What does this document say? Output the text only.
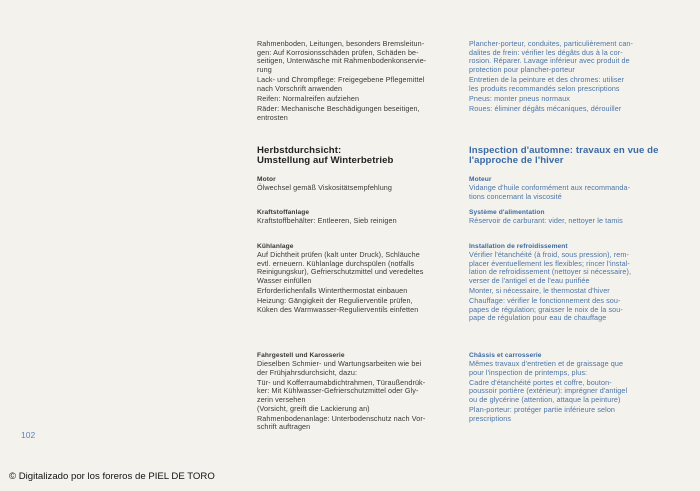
Rahmenboden, Leitungen, besonders Bremsleitun-
gen: Auf Korrosionsschäden prüfen, Schäden be-
seitigen, Unterwäsche mit Rahmenbodenkonservie-
rung
Lack- und Chrompflege: Freigegebene Pflegemittel
nach Vorschrift anwenden
Reifen: Normalreifen aufziehen
Räder: Mechanische Beschädigungen beseitigen,
entrosten
Herbstdurchsicht:
Umstellung auf Winterbetrieb
Motor
Ölwechsel gemäß Viskositätsempfehlung
Kraftstoffanlage
Kraftstoffbehälter: Entleeren, Sieb reinigen
Kühlanlage
Auf Dichtheit prüfen (kalt unter Druck), Schläuche
evtl. erneuern. Kühlanlage durchspülen (notfalls
Reinigungskur), Gefrierschutzmittel und veredeltes
Wasser einfüllen
Erforderlichenfalls Winterthermostat einbauen
Heizung: Gängigkeit der Regulierventile prüfen,
Küken des Warmwasser-Regulierventils einfetten
Fahrgestell und Karosserie
Dieselben Schmier- und Wartungsarbeiten wie bei
der Frühjahrsdurchsicht, dazu:
Tür- und Kofferraumabdichtrahmen, Türaußendrük-
ker: Mit Kühlwasser-Gefrierschutzmittel oder Gly-
zerin versehen
(Vorsicht, greift die Lackierung an)
Rahmenbodenanlage: Unterbodenschutz nach Vor-
schrift auftragen
Plancher-porteur, conduites, particulièrement can-
dalites de frein: vérifier les dégâts dus à la cor-
rosion. Réparer. Lavage inférieur avec produit de
protection pour plancher-porteur
Entretien de la peinture et des chromes: utiliser
les produits recommandés selon prescriptions
Pneus: monter pneus normaux
Roues: éliminer dégâts mécaniques, dérouiller
Inspection d'automne: travaux en vue de
l'approche de l'hiver
Moteur
Vidange d'huile conformément aux recommanda-
tions concernant la viscosité
Système d'alimentation
Réservoir de carburant: vider, nettoyer le tamis
Installation de refroidissement
Vérifier l'étanchéité (à froid, sous pression), rem-
placer éventuellement les flexibles; rincer l'instal-
lation de refroidissement (nettoyer si nécessaire),
verser de l'antigel et de l'eau purifiée
Monter, si nécessaire, le thermostat d'hiver
Chauffage: vérifier le fonctionnement des sou-
papes de régulation; graisser le noix de la sou-
pape de régulation pour eau de chauffage
Châssis et carrosserie
Mêmes travaux d'entretien et de graissage que
pour l'inspection de printemps, plus:
Cadre d'étanchéité portes et coffre, bouton-
poussoir portière (extérieur): imprégner d'antigel
ou de glycérine (attention, attaque la peinture)
Plan-porteur: protéger partie inférieure selon
prescriptions
102
© Digitalizado por los foreros de PIEL DE TORO
